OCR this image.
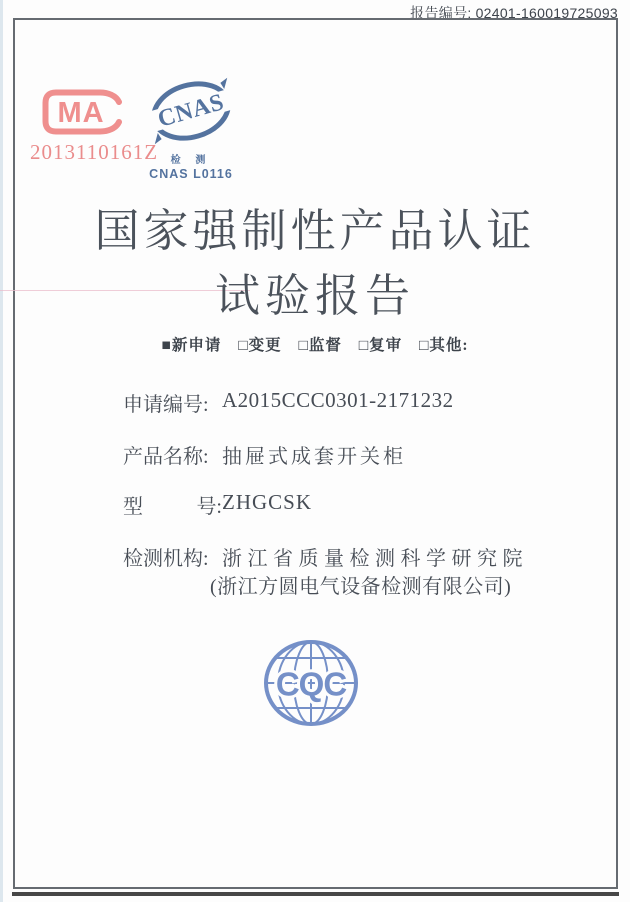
报告编号: 02401-160019725093
MA
2013110161Z
CNAS
检 测
CNAS L0116
国家强制性产品认证
试验报告
■新申请 □变更 □监督 □复审 □其他:
申请编号: A2015CCC0301-2171232
产品名称: 抽屉式成套开关柜
型	号: ZHGCSK
检测机构: 浙江省质量检测科学研究院
(浙江方圆电气设备检测有限公司)
CQC
